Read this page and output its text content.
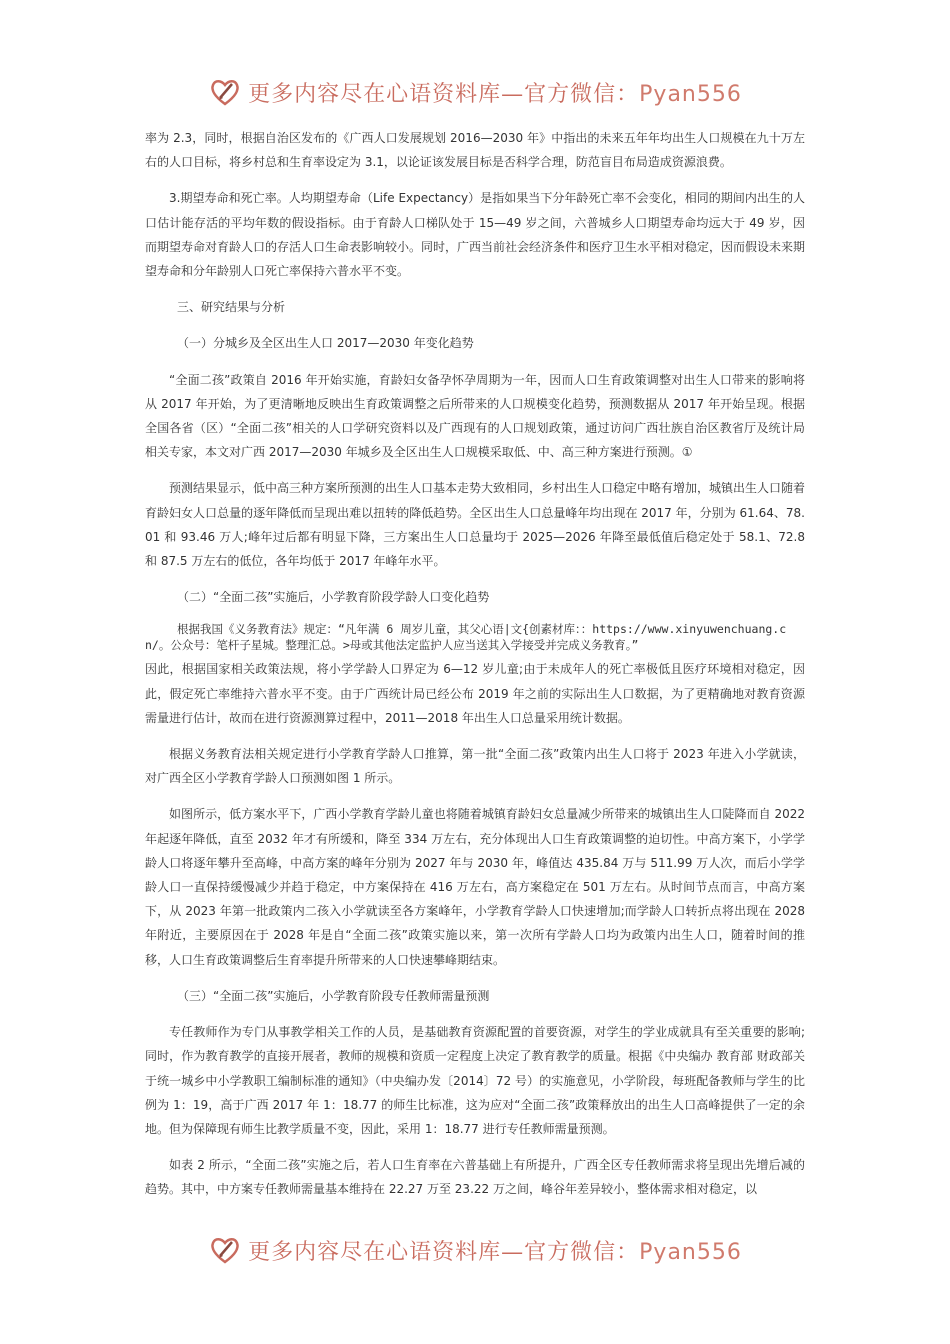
更多内容尽在心语资料库—官方微信：Pyan556

率为 2.3，同时，根据自治区发布的《广西人口发展规划 2016—2030 年》中指出的未来五年年均出生人口规模在九十万左右的人口目标，将乡村总和生育率设定为 3.1，以论证该发展目标是否科学合理，防范盲目布局造成资源浪费。

3.期望寿命和死亡率。人均期望寿命（Life Expectancy）是指如果当下分年龄死亡率不会变化，相同的期间内出生的人口估计能存活的平均年数的假设指标。由于育龄人口梯队处于 15—49 岁之间，六普城乡人口期望寿命均远大于 49 岁，因而期望寿命对育龄人口的存活人口生命表影响较小。同时，广西当前社会经济条件和医疗卫生水平相对稳定，因而假设未来期望寿命和分年龄别人口死亡率保持六普水平不变。

三、研究结果与分析

（一）分城乡及全区出生人口 2017—2030 年变化趋势

“全面二孩”政策自 2016 年开始实施，育龄妇女备孕怀孕周期为一年，因而人口生育政策调整对出生人口带来的影响将从 2017 年开始，为了更清晰地反映出生育政策调整之后所带来的人口规模变化趋势，预测数据从 2017 年开始呈现。根据全国各省（区）“全面二孩”相关的人口学研究资料以及广西现有的人口规划政策，通过访问广西壮族自治区教省厅及统计局相关专家，本文对广西 2017—2030 年城乡及全区出生人口规模采取低、中、高三种方案进行预测。①

预测结果显示，低中高三种方案所预测的出生人口基本走势大致相同，乡村出生人口稳定中略有增加，城镇出生人口随着育龄妇女人口总量的逐年降低而呈现出难以扭转的降低趋势。全区出生人口总量峰年均出现在 2017 年，分别为 61.64、78.01 和 93.46 万人;峰年过后都有明显下降，三方案出生人口总量均于 2025—2026 年降至最低值后稳定处于 58.1、72.8 和 87.5 万左右的低位，各年均低于 2017 年峰年水平。

（二）“全面二孩”实施后，小学教育阶段学龄人口变化趋势

根据我国《义务教育法》规定：“凡年满 6 周岁儿童，其父心语|文{创素材库：：https://www.xinyuwenchuang.cn/。公众号：笔杆子星城。整理汇总。>母或其他法定监护人应当送其入学接受并完成义务教育。”

因此，根据国家相关政策法规，将小学学龄人口界定为 6—12 岁儿童;由于未成年人的死亡率极低且医疗环境相对稳定，因此，假定死亡率维持六普水平不变。由于广西统计局已经公布 2019 年之前的实际出生人口数据，为了更精确地对教育资源需量进行估计，故而在进行资源测算过程中，2011—2018 年出生人口总量采用统计数据。

根据义务教育法相关规定进行小学教育学龄人口推算，第一批“全面二孩”政策内出生人口将于 2023 年进入小学就读，对广西全区小学教育学龄人口预测如图 1 所示。

如图所示，低方案水平下，广西小学教育学龄儿童也将随着城镇育龄妇女总量减少所带来的城镇出生人口陡降而自 2022 年起逐年降低，直至 2032 年才有所缓和，降至 334 万左右，充分体现出人口生育政策调整的迫切性。中高方案下，小学学龄人口将逐年攀升至高峰，中高方案的峰年分别为 2027 年与 2030 年，峰值达 435.84 万与 511.99 万人次，而后小学学龄人口一直保持缓慢减少并趋于稳定，中方案保持在 416 万左右，高方案稳定在 501 万左右。从时间节点而言，中高方案下，从 2023 年第一批政策内二孩入小学就读至各方案峰年，小学教育学龄人口快速增加;而学龄人口转折点将出现在 2028 年附近，主要原因在于 2028 年是自“全面二孩”政策实施以来，第一次所有学龄人口均为政策内出生人口，随着时间的推移，人口生育政策调整后生育率提升所带来的人口快速攀峰期结束。

（三）“全面二孩”实施后，小学教育阶段专任教师需量预测

专任教师作为专门从事教学相关工作的人员，是基础教育资源配置的首要资源，对学生的学业成就具有至关重要的影响;同时，作为教育教学的直接开展者，教师的规模和资质一定程度上决定了教育教学的质量。根据《中央编办 教育部 财政部关于统一城乡中小学教职工编制标准的通知》（中央编办发〔2014〕72 号）的实施意见，小学阶段，每班配备教师与学生的比例为 1：19，高于广西 2017 年 1：18.77 的师生比标准，这为应对“全面二孩”政策释放出的出生人口高峰提供了一定的余地。但为保障现有师生比教学质量不变，因此，采用 1：18.77 进行专任教师需量预测。

如表 2 所示，“全面二孩”实施之后，若人口生育率在六普基础上有所提升，广西全区专任教师需求将呈现出先增后减的趋势。其中，中方案专任教师需量基本维持在 22.27 万至 23.22 万之间，峰谷年差异较小，整体需求相对稳定，以

更多内容尽在心语资料库—官方微信：Pyan556
